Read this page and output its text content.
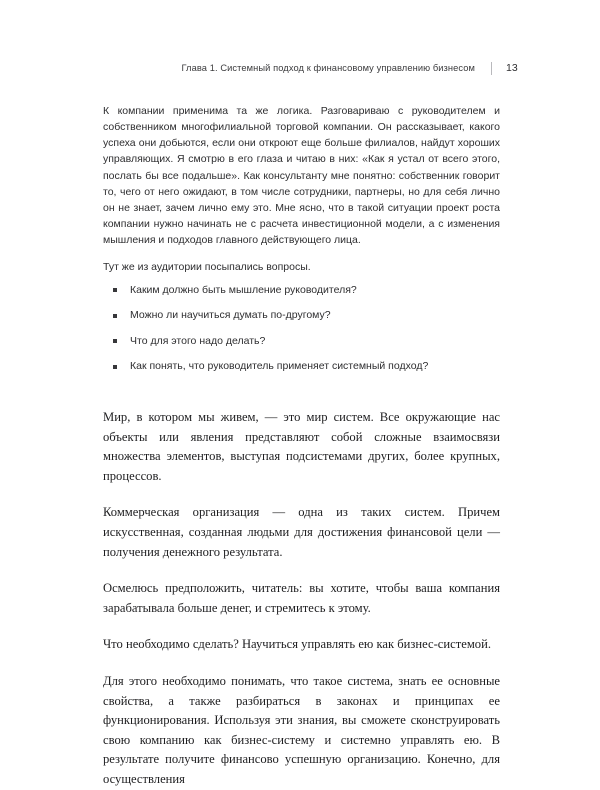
Глава 1. Системный подход к финансовому управлению бизнесом	13

К компании применима та же логика. Разговариваю с руководителем и собственником многофилиальной торговой компании. Он рассказывает, какого успеха они добьются, если они откроют еще больше филиалов, найдут хороших управляющих. Я смотрю в его глаза и читаю в них: «Как я устал от всего этого, послать бы все подальше». Как консультанту мне понятно: собственник говорит то, чего от него ожидают, в том числе сотрудники, партнеры, но для себя лично он не знает, зачем лично ему это. Мне ясно, что в такой ситуации проект роста компании нужно начинать не с расчета инвестиционной модели, а с изменения мышления и подходов главного действующего лица.

Тут же из аудитории посыпались вопросы.

Каким должно быть мышление руководителя?
Можно ли научиться думать по-другому?
Что для этого надо делать?
Как понять, что руководитель применяет системный подход?

Мир, в котором мы живем, — это мир систем. Все окружающие нас объекты или явления представляют собой сложные взаимосвязи множества элементов, выступая подсистемами других, более крупных, процессов.

Коммерческая организация — одна из таких систем. Причем искусственная, созданная людьми для достижения финансовой цели — получения денежного результата.

Осмелюсь предположить, читатель: вы хотите, чтобы ваша компания зарабатывала больше денег, и стремитесь к этому.

Что необходимо сделать? Научиться управлять ею как бизнес-системой.

Для этого необходимо понимать, что такое система, знать ее основные свойства, а также разбираться в законах и принципах ее функционирования. Используя эти знания, вы сможете сконструировать свою компанию как бизнес-систему и системно управлять ею. В результате получите финансово успешную организацию. Конечно, для осуществления
